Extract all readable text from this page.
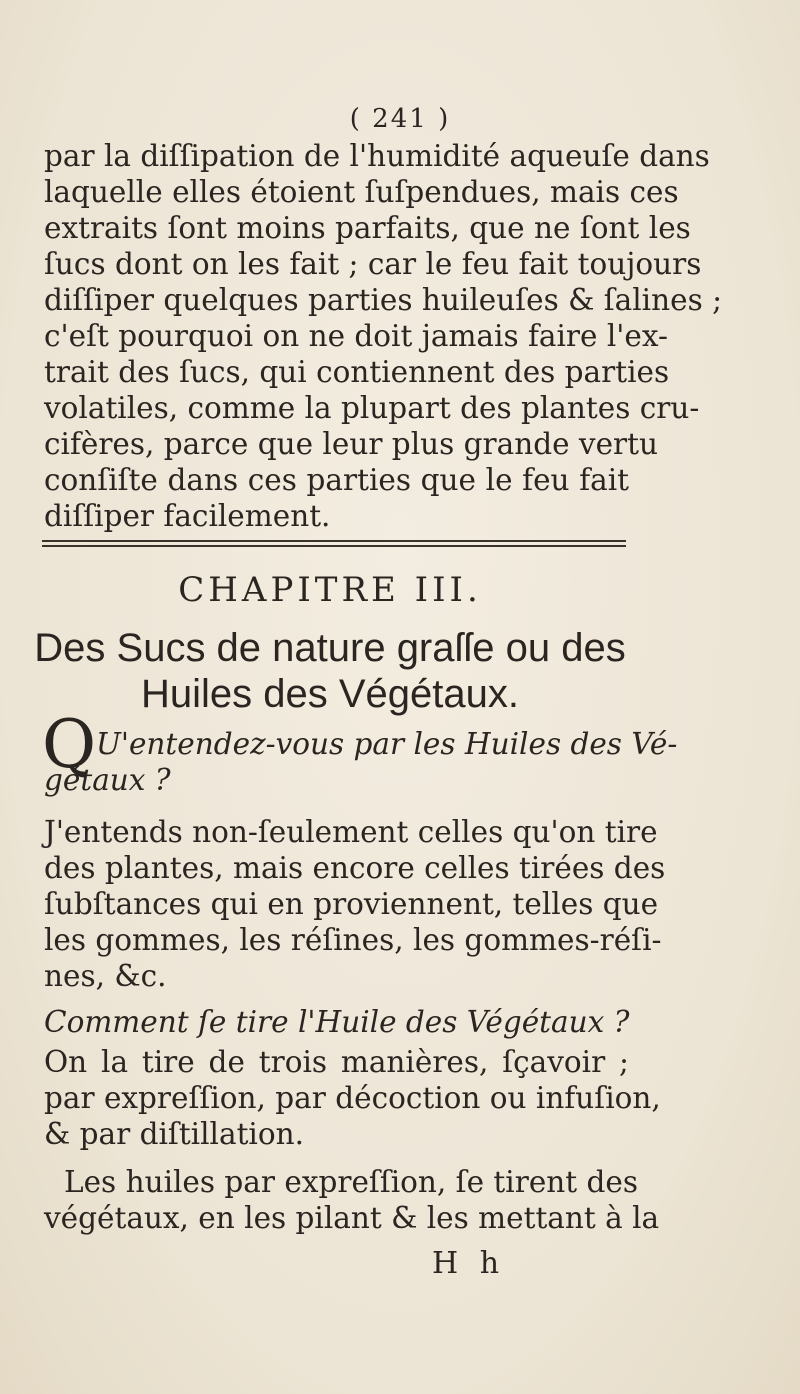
( 241 )
par la diſſipation de l'humidité aqueuſe dans
laquelle elles étoient ſuſpendues, mais ces
extraits ſont moins parfaits, que ne ſont les
ſucs dont on les fait ; car le feu fait toujours
diſſiper quelques parties huileuſes & ſalines ;
c'eſt pourquoi on ne doit jamais faire l'ex-
trait des ſucs, qui contiennent des parties
volatiles, comme la plupart des plantes cru-
cifères, parce que leur plus grande vertu
conſiſte dans ces parties que le feu fait
diſſiper facilement.
CHAPITRE III.
Des Sucs de nature graſſe ou des
Huiles des Végétaux.
Q U'entendez-vous par les Huiles des Vé-
gétaux ?
J'entends non-ſeulement celles qu'on tire
des plantes, mais encore celles tirées des
ſubſtances qui en proviennent, telles que
les gommes, les réſines, les gommes-réſi-
nes, &c.
Comment ſe tire l'Huile des Végétaux ?
On la tire de trois manières, ſçavoir ;
par expreſſion, par décoction ou infuſion,
& par diſtillation.
Les huiles par expreſſion, ſe tirent des
végétaux, en les pilant & les mettant à la
H h
